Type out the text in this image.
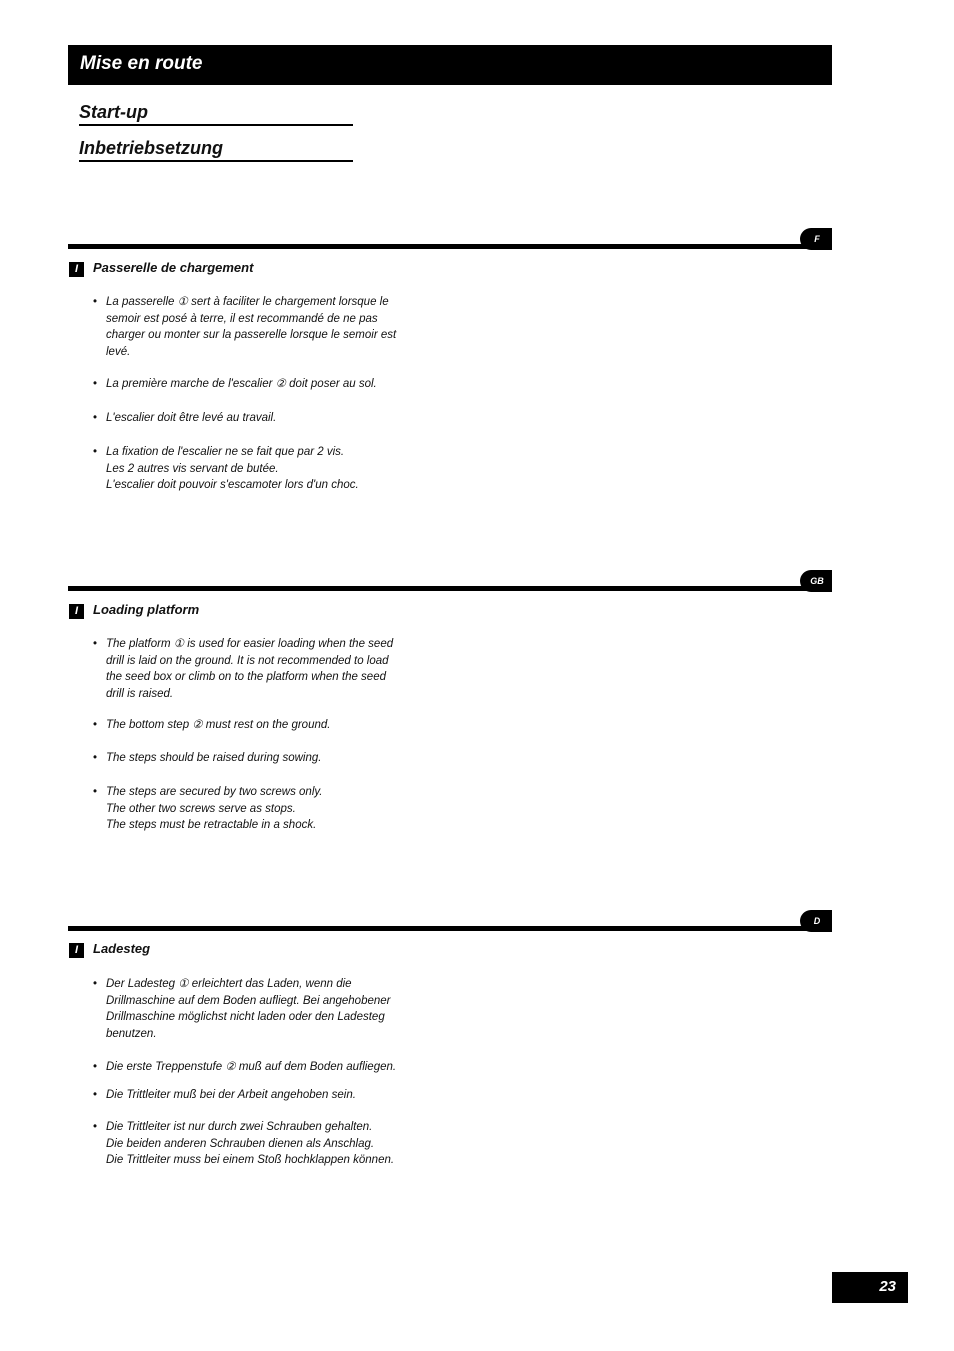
Mise en route
Start-up
Inbetriebsetzung
F
I	Passerelle de chargement
• La passerelle ① sert à faciliter le chargement lorsque le
semoir est posé à terre, il est recommandé de ne pas
charger ou monter sur la passerelle lorsque le semoir est
levé.
• La première marche de l'escalier ② doit poser au sol.
• L'escalier doit être levé au travail.
• La fixation de l'escalier ne se fait que par 2 vis.
Les 2 autres vis servant de butée.
L'escalier doit pouvoir s'escamoter lors d'un choc.
GB
I	Loading platform
• The platform ① is used for easier loading when the seed
drill is laid on the ground. It is not recommended to load
the seed box or climb on to the platform when the seed
drill is raised.
• The bottom step ② must rest on the ground.
• The steps should be raised during sowing.
• The steps are secured by two screws only.
The other two screws serve as stops.
The steps must be retractable in a shock.
D
I	Ladesteg
• Der Ladesteg ① erleichtert das Laden, wenn die
Drillmaschine auf dem Boden aufliegt. Bei angehobener
Drillmaschine möglichst nicht laden oder den Ladesteg
benutzen.
• Die erste Treppenstufe ② muß auf dem Boden aufliegen.
• Die Trittleiter muß bei der Arbeit angehoben sein.
• Die Trittleiter ist nur durch zwei Schrauben gehalten.
Die beiden anderen Schrauben dienen als Anschlag.
Die Trittleiter muss bei einem Stoß hochklappen können.
23
